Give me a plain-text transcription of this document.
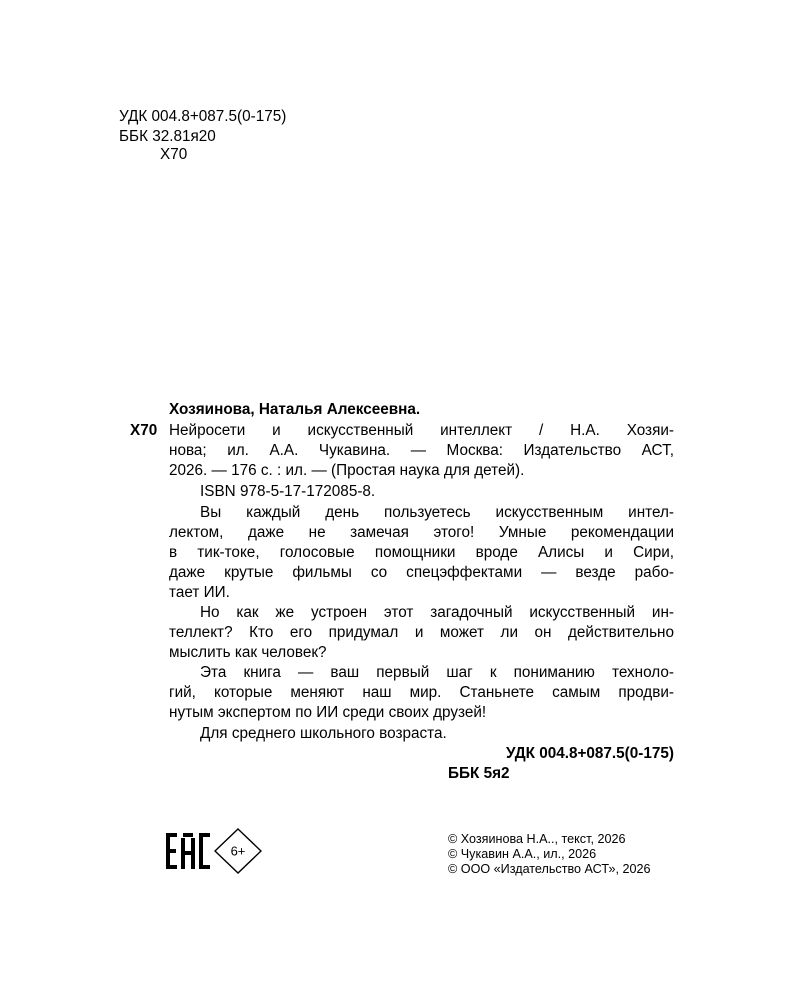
УДК 004.8+087.5(0-175)
ББК 32.81я20
Х70
Хозяинова, Наталья Алексеевна.
Х70 Нейросети и искусственный интеллект / Н.А. Хозяи-
нова; ил. А.А. Чукавина. — Москва: Издательство АСТ,
2026. — 176 с. : ил. — (Простая наука для детей).
ISBN 978-5-17-172085-8.
Вы каждый день пользуетесь искусственным интел-
лектом, даже не замечая этого! Умные рекомендации
в тик-токе, голосовые помощники вроде Алисы и Сири,
даже крутые фильмы со спецэффектами — везде рабо-
тает ИИ.
Но как же устроен этот загадочный искусственный ин-
теллект? Кто его придумал и может ли он действительно
мыслить как человек?
Эта книга — ваш первый шаг к пониманию техноло-
гий, которые меняют наш мир. Станьнете самым продви-
нутым экспертом по ИИ среди своих друзей!
Для среднего школьного возраста.
УДК 004.8+087.5(0-175)
ББК 5я2
6+
© Хозяинова Н.А.., текст, 2026
© Чукавин А.А., ил., 2026
© ООО «Издательство АСТ», 2026
